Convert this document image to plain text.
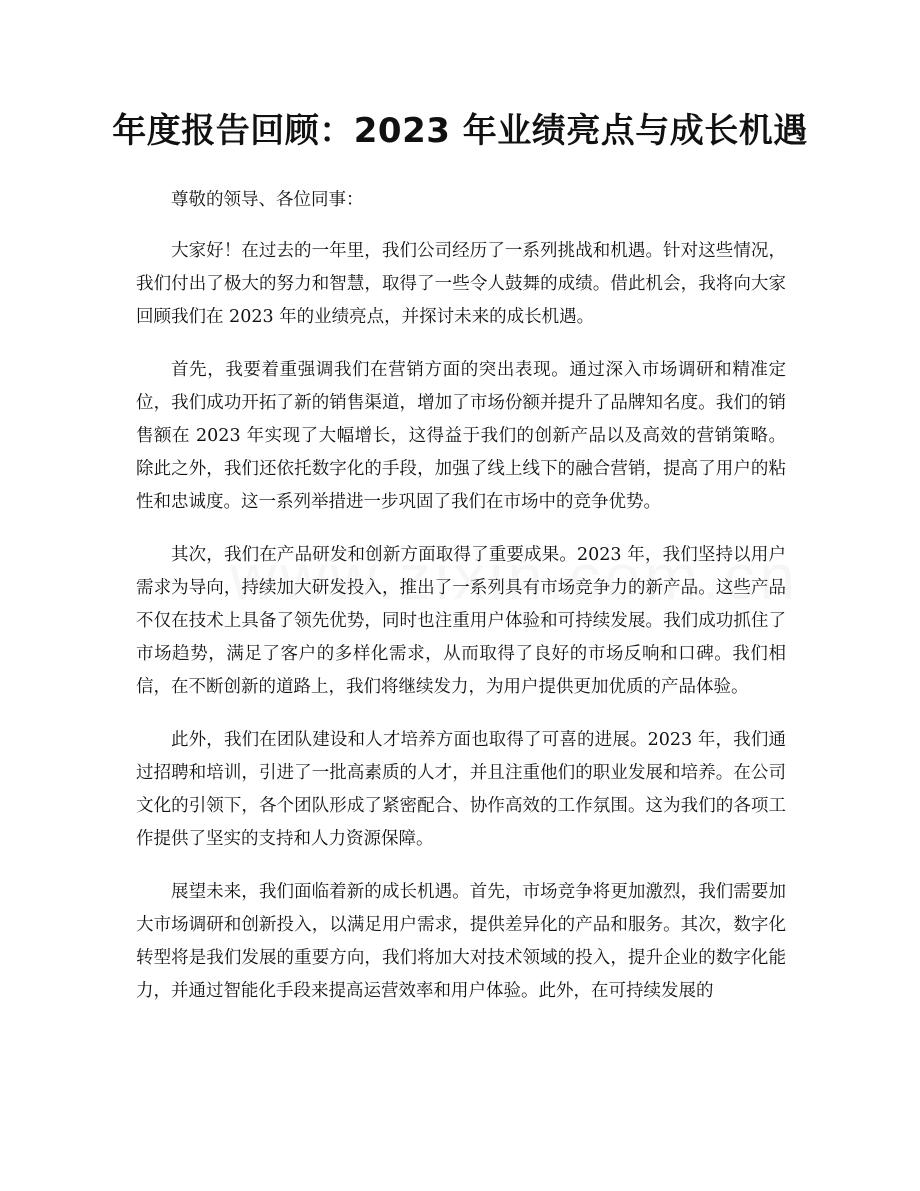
年度报告回顾：2023 年业绩亮点与成长机遇

尊敬的领导、各位同事：

大家好！在过去的一年里，我们公司经历了一系列挑战和机遇。针对这些情况，我们付出了极大的努力和智慧，取得了一些令人鼓舞的成绩。借此机会，我将向大家回顾我们在 2023 年的业绩亮点，并探讨未来的成长机遇。

首先，我要着重强调我们在营销方面的突出表现。通过深入市场调研和精准定位，我们成功开拓了新的销售渠道，增加了市场份额并提升了品牌知名度。我们的销售额在 2023 年实现了大幅增长，这得益于我们的创新产品以及高效的营销策略。除此之外，我们还依托数字化的手段，加强了线上线下的融合营销，提高了用户的粘性和忠诚度。这一系列举措进一步巩固了我们在市场中的竞争优势。

其次，我们在产品研发和创新方面取得了重要成果。2023 年，我们坚持以用户需求为导向，持续加大研发投入，推出了一系列具有市场竞争力的新产品。这些产品不仅在技术上具备了领先优势，同时也注重用户体验和可持续发展。我们成功抓住了市场趋势，满足了客户的多样化需求，从而取得了良好的市场反响和口碑。我们相信，在不断创新的道路上，我们将继续发力，为用户提供更加优质的产品体验。

此外，我们在团队建设和人才培养方面也取得了可喜的进展。2023 年，我们通过招聘和培训，引进了一批高素质的人才，并且注重他们的职业发展和培养。在公司文化的引领下，各个团队形成了紧密配合、协作高效的工作氛围。这为我们的各项工作提供了坚实的支持和人力资源保障。

展望未来，我们面临着新的成长机遇。首先，市场竞争将更加激烈，我们需要加大市场调研和创新投入，以满足用户需求，提供差异化的产品和服务。其次，数字化转型将是我们发展的重要方向，我们将加大对技术领域的投入，提升企业的数字化能力，并通过智能化手段来提高运营效率和用户体验。此外，在可持续发展的
